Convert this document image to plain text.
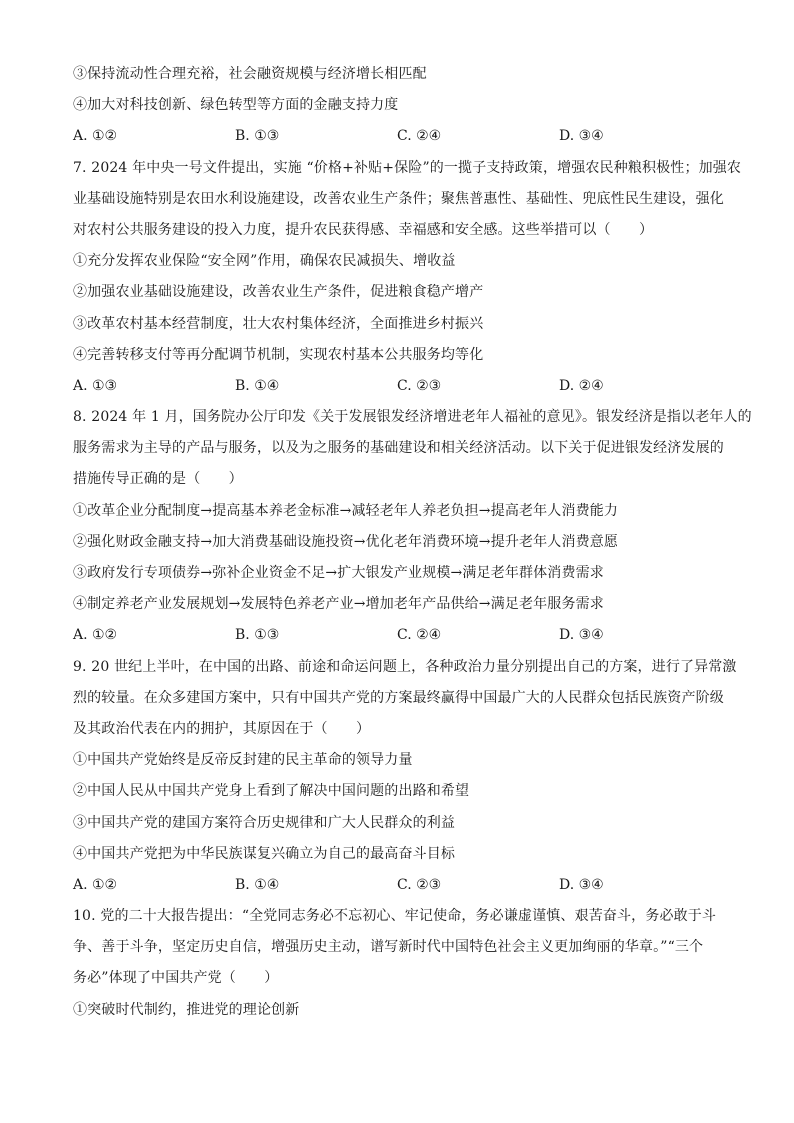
③保持流动性合理充裕，社会融资规模与经济增长相匹配
④加大对科技创新、绿色转型等方面的金融支持力度
A. ①②	B. ①③	C. ②④	D. ③④
7. 2024 年中央一号文件提出，实施 “价格+补贴+保险”的一揽子支持政策，增强农民种粮积极性；加强农
业基础设施特别是农田水利设施建设，改善农业生产条件；聚焦普惠性、基础性、兜底性民生建设，强化
对农村公共服务建设的投入力度，提升农民获得感、幸福感和安全感。这些举措可以（　　）
①充分发挥农业保险“安全网”作用，确保农民减损失、增收益
②加强农业基础设施建设，改善农业生产条件，促进粮食稳产增产
③改革农村基本经营制度，壮大农村集体经济，全面推进乡村振兴
④完善转移支付等再分配调节机制，实现农村基本公共服务均等化
A. ①③	B. ①④	C. ②③	D. ②④
8. 2024 年 1 月，国务院办公厅印发《关于发展银发经济增进老年人福祉的意见》。银发经济是指以老年人的
服务需求为主导的产品与服务，以及为之服务的基础建设和相关经济活动。以下关于促进银发经济发展的
措施传导正确的是（　　）
①改革企业分配制度→提高基本养老金标准→减轻老年人养老负担→提高老年人消费能力
②强化财政金融支持→加大消费基础设施投资→优化老年消费环境→提升老年人消费意愿
③政府发行专项债券→弥补企业资金不足→扩大银发产业规模→满足老年群体消费需求
④制定养老产业发展规划→发展特色养老产业→增加老年产品供给→满足老年服务需求
A. ①②	B. ①③	C. ②④	D. ③④
9. 20 世纪上半叶，在中国的出路、前途和命运问题上，各种政治力量分别提出自己的方案，进行了异常激
烈的较量。在众多建国方案中，只有中国共产党的方案最终赢得中国最广大的人民群众包括民族资产阶级
及其政治代表在内的拥护，其原因在于（　　）
①中国共产党始终是反帝反封建的民主革命的领导力量
②中国人民从中国共产党身上看到了解决中国问题的出路和希望
③中国共产党的建国方案符合历史规律和广大人民群众的利益
④中国共产党把为中华民族谋复兴确立为自己的最高奋斗目标
A. ①②	B. ①④	C. ②③	D. ③④
10. 党的二十大报告提出：“全党同志务必不忘初心、牢记使命，务必谦虚谨慎、艰苦奋斗，务必敢于斗
争、善于斗争，坚定历史自信，增强历史主动，谱写新时代中国特色社会主义更加绚丽的华章。”“三个
务必”体现了中国共产党（　　）
①突破时代制约，推进党的理论创新
